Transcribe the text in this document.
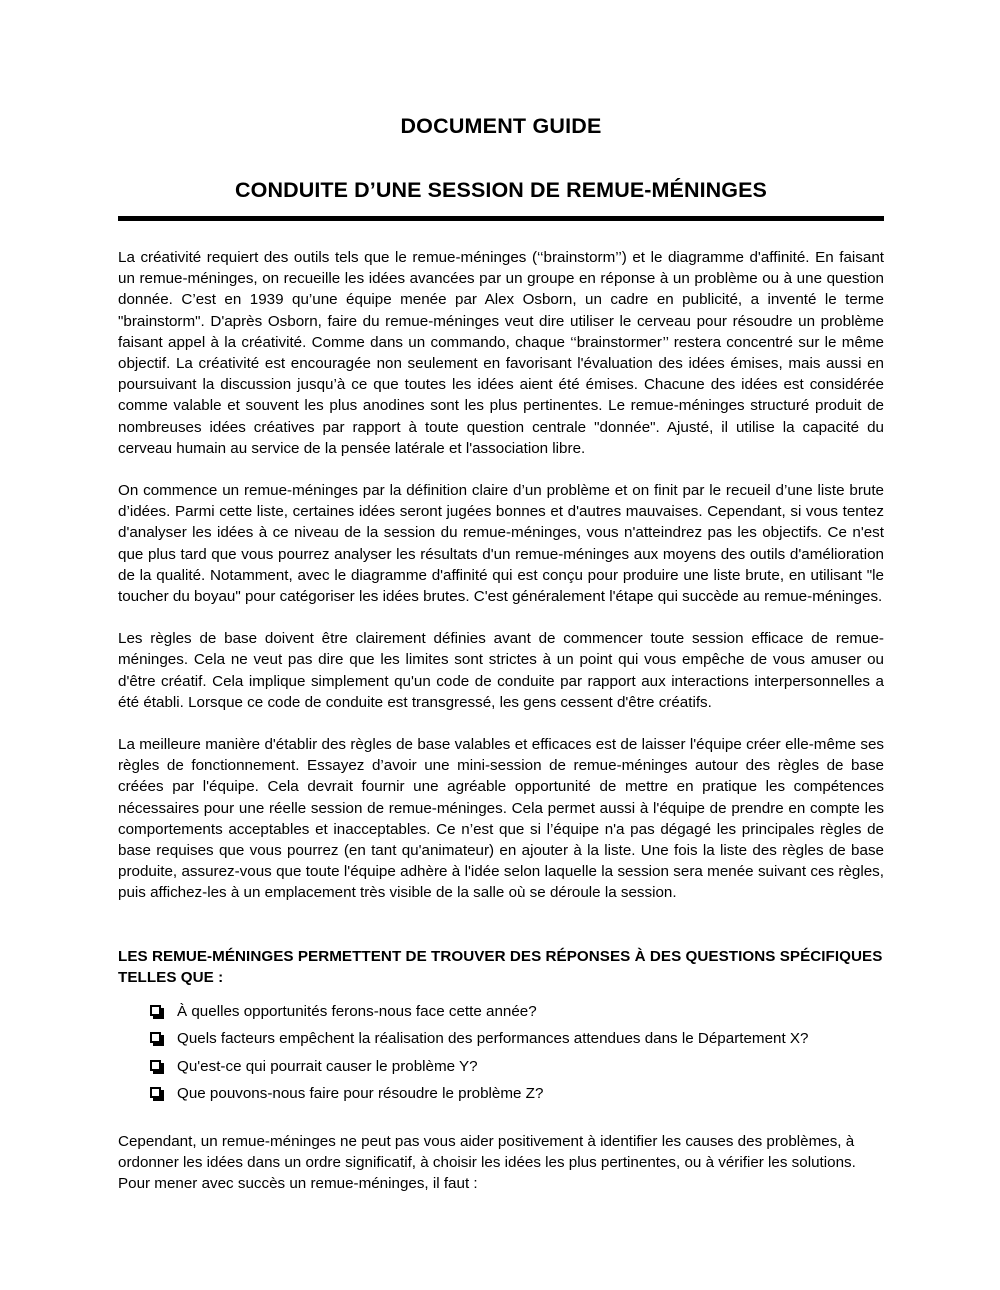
DOCUMENT GUIDE
CONDUITE D’UNE SESSION DE REMUE-MÉNINGES

La créativité requiert des outils tels que le remue-méninges (‘‘brainstorm’’) et le diagramme d'affinité. En faisant un remue-méninges, on recueille les idées avancées par un groupe en réponse à un problème ou à une question donnée. C’est en 1939 qu’une équipe menée par Alex Osborn, un cadre en publicité, a inventé le terme "brainstorm". D'après Osborn, faire du remue-méninges veut dire utiliser le cerveau pour résoudre un problème faisant appel à la créativité. Comme dans un commando, chaque ‘‘brainstormer’’ restera concentré sur le même objectif. La créativité est encouragée non seulement en favorisant l'évaluation des idées émises, mais aussi en poursuivant la discussion jusqu’à ce que toutes les idées aient été émises. Chacune des idées est considérée comme valable et souvent les plus anodines sont les plus pertinentes. Le remue-méninges structuré produit de nombreuses idées créatives par rapport à toute question centrale "donnée". Ajusté, il utilise la capacité du cerveau humain au service de la pensée latérale et l'association libre.

On commence un remue-méninges par la définition claire d’un problème et on finit par le recueil d’une liste brute d’idées. Parmi cette liste, certaines idées seront jugées bonnes et d'autres mauvaises. Cependant, si vous tentez d'analyser les idées à ce niveau de la session du remue-méninges, vous n'atteindrez pas les objectifs. Ce n'est que plus tard que vous pourrez analyser les résultats d'un remue-méninges aux moyens des outils d'amélioration de la qualité. Notamment, avec le diagramme d'affinité qui est conçu pour produire une liste brute, en utilisant "le toucher du boyau" pour catégoriser les idées brutes. C'est généralement l'étape qui succède au remue-méninges.

Les règles de base doivent être clairement définies avant de commencer toute session efficace de remue-méninges. Cela ne veut pas dire que les limites sont strictes à un point qui vous empêche de vous amuser ou d'être créatif. Cela implique simplement qu'un code de conduite par rapport aux interactions interpersonnelles a été établi. Lorsque ce code de conduite est transgressé, les gens cessent d'être créatifs.

La meilleure manière d'établir des règles de base valables et efficaces est de laisser l'équipe créer elle-même ses règles de fonctionnement. Essayez d’avoir une mini-session de remue-méninges autour des règles de base créées par l'équipe. Cela devrait fournir une agréable opportunité de mettre en pratique les compétences nécessaires pour une réelle session de remue-méninges. Cela permet aussi à l'équipe de prendre en compte les comportements acceptables et inacceptables. Ce n’est que si l’équipe n'a pas dégagé les principales règles de base requises que vous pourrez (en tant qu'animateur) en ajouter à la liste. Une fois la liste des règles de base produite, assurez-vous que toute l'équipe adhère à l'idée selon laquelle la session sera menée suivant ces règles, puis affichez-les à un emplacement très visible de la salle où se déroule la session.

LES REMUE-MÉNINGES PERMETTENT DE TROUVER DES RÉPONSES À DES QUESTIONS SPÉCIFIQUES TELLES QUE :

À quelles opportunités ferons-nous face cette année?
Quels facteurs empêchent la réalisation des performances attendues dans le Département X?
Qu'est-ce qui pourrait causer le problème Y?
Que pouvons-nous faire pour résoudre le problème Z?

Cependant, un remue-méninges ne peut pas vous aider positivement à identifier les causes des problèmes, à ordonner les idées dans un ordre significatif, à choisir les idées les plus pertinentes, ou à vérifier les solutions. Pour mener avec succès un remue-méninges, il faut :
